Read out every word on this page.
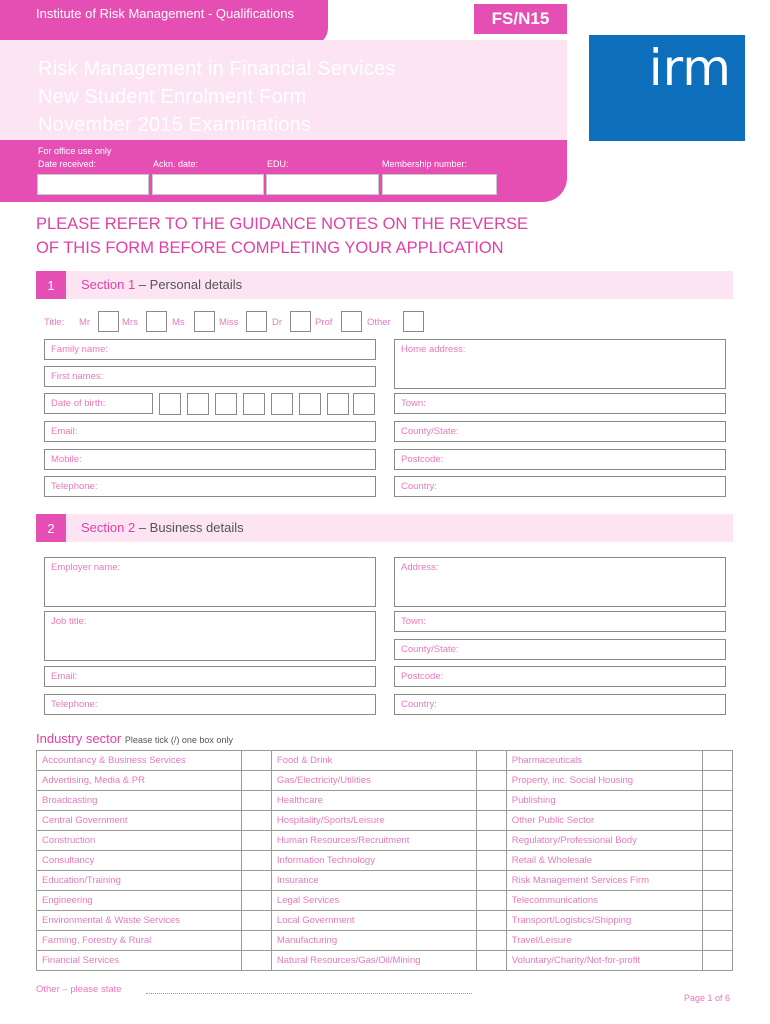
Institute of Risk Management - Qualifications	FS/N15
Risk Management in Financial Services
New Student Enrolment Form
November 2015 Examinations
irm
For office use only
Date received:	Ackn. date:	EDU:	Membership number:
PLEASE REFER TO THE GUIDANCE NOTES ON THE REVERSE
OF THIS FORM BEFORE COMPLETING YOUR APPLICATION
1	Section 1 – Personal details
Title: Mr	Mrs	Ms	Miss	Dr	Prof	Other
Family name:
First names:
Date of birth:
Email:
Mobile:
Telephone:
Home address:
Town:
County/State:
Postcode:
Country:
2	Section 2 – Business details
Employer name:
Job title:
Email:
Telephone:
Address:
Town:
County/State:
Postcode:
Country:
Industry sector Please tick (/) one box only
Accountancy & Business Services		Food & Drink		Pharmaceuticals	
Advertising, Media & PR		Gas/Electricity/Utilities		Property, inc. Social Housing	
Broadcasting		Healthcare		Publishing	
Central Government		Hospitality/Sports/Leisure		Other Public Sector	
Construction		Human Resources/Recruitment		Regulatory/Professional Body	
Consultancy		Information Technology		Retail & Wholesale	
Education/Training		Insurance		Risk Management Services Firm	
Engineering		Legal Services		Telecommunications	
Environmental & Waste Services		Local Government		Transport/Logistics/Shipping	
Farming, Forestry & Rural		Manufacturing		Travel/Leisure	
Financial Services		Natural Resources/Gas/Oil/Mining		Voluntary/Charity/Not-for-profit	
Other – please state
Page 1 of 6
